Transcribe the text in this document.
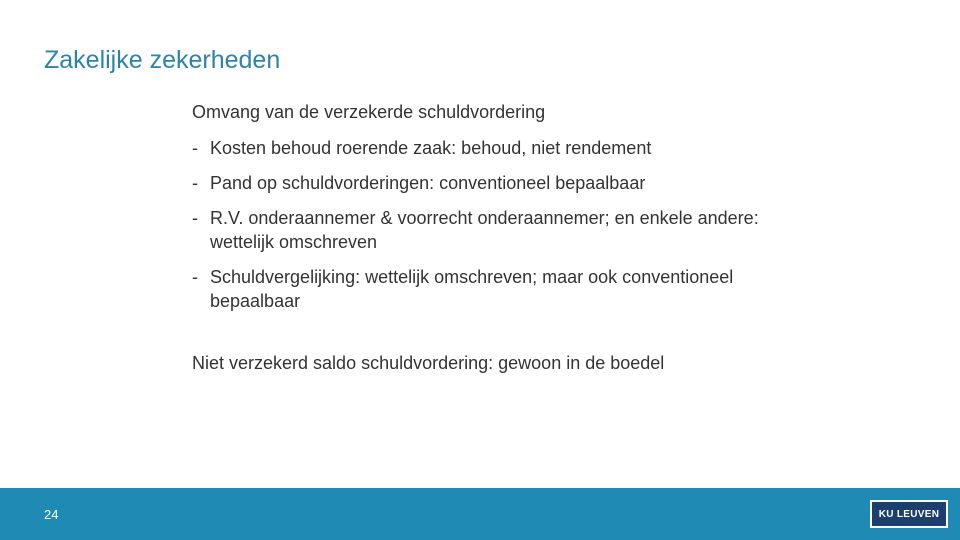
Zakelijke zekerheden

Omvang van de verzekerde schuldvordering

- Kosten behoud roerende zaak: behoud, niet rendement
- Pand op schuldvorderingen: conventioneel bepaalbaar
- R.V. onderaannemer & voorrecht onderaannemer; en enkele andere: wettelijk omschreven
- Schuldvergelijking: wettelijk omschreven; maar ook conventioneel bepaalbaar

Niet verzekerd saldo schuldvordering: gewoon in de boedel

24	KU LEUVEN
